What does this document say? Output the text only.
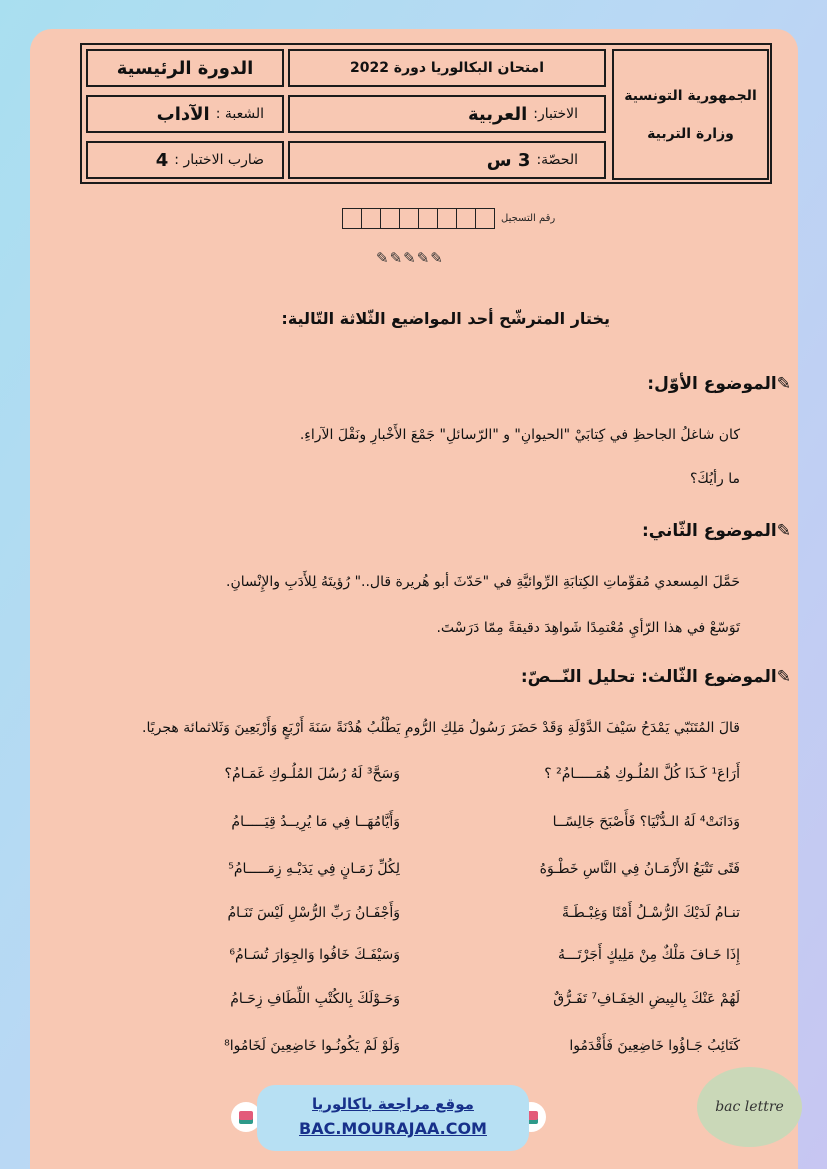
الجمهورية التونسية
وزارة التربية
امتحان البكالوريا دورة 2022
الدورة الرئيسية
الاختبار:
العربية
الشعبة :
الآداب
الحصّة:
3 س
ضارب الاختبار :
4
رقم التسجيل
✎✎✎✎✎
يختار المترشّح أحد المواضيع الثّلاثة التّالية:
✎الموضوع الأوّل:
كان شاغلُ الجاحظِ في كِتابَيْ "الحيوانِ" و "الرّسائلِ" جَمْعَ الأَخْبارِ ونَقْلَ الآراءِ.
ما رأيُكَ؟
✎الموضوع الثّاني:
حَمَّلَ المِسعدي مُقوِّماتِ الكِتابَةِ الرِّوائيَّةِ في "حَدّثَ أبو هُريرة قال.." رُؤيتَهُ لِلأَدَبِ والإِنْسانِ.
تَوَسّعْ في هذا الرّأيِ مُعْتمِدًا شَواهِدَ دقيقةً مِمّا دَرَسْتَ.
✎الموضوع الثّالث: تحليل النّــصّ:
قالَ المُتَنَبّي يَمْدَحُ سَيْفَ الدَّوْلَةِ وَقَدْ حَضَرَ رَسُولُ مَلِكِ الرُّومِ يَطْلُبُ هُدْنَةً سَنَةَ أَرْبَعٍ وَأَرْبَعِينَ وَثَلاثمائة هجريًا.
أَرَاعَ¹ كَـذَا كُلَّ المُلُـوكِ هُمَـــــامُ² ؟
وَسَحَّ³ لَهُ رُسُلَ المُلُـوكِ غَمَـامُ؟
وَدَانَتْ⁴ لَهُ الـدُّنْيَا؟ فَأَصْبَحَ جَالِسًــا
وَأَيَّامُهَــا فِي مَا يُرِيــدُ قِيَـــــامُ
فَتًى تَتْبَعُ الأَزْمَـانُ فِي النَّاسِ خَطْـوَهُ
لِكُلِّ زَمَـانٍ فِي يَدَيْـهِ زِمَـــــامُ⁵
تنـامُ لَدَيْكَ الرُّسْـلُ أَمْنًا وَغِبْـطَـةً
وَأَجْفَـانُ رَبِّ الرُّسْلِ لَيْسَ تَنَـامُ
إِذَا خَـافَ مَلْكٌ مِنْ مَلِيكٍ أَجَرْتَـــهُ
وَسَيْفَـكَ خَافُوا وَالجِوَارَ تُسَـامُ⁶
لَهُمْ عَنْكَ بِالبِيضِ الخِفَـافِ⁷ تَفَـرُّقٌ
وَحَـوْلَكَ بِالكُتْبِ اللِّطَافِ زِحَـامُ
كَتَائِبُ جَـاؤُوا خَاضِعِينَ فَأَقْدَمُوا
وَلَوْ لَمْ يَكُونُـوا خَاضِعِينَ لَخَامُوا⁸
موقع مراجعة باكالوريا
BAC.MOURAJAA.COM
bac lettre
